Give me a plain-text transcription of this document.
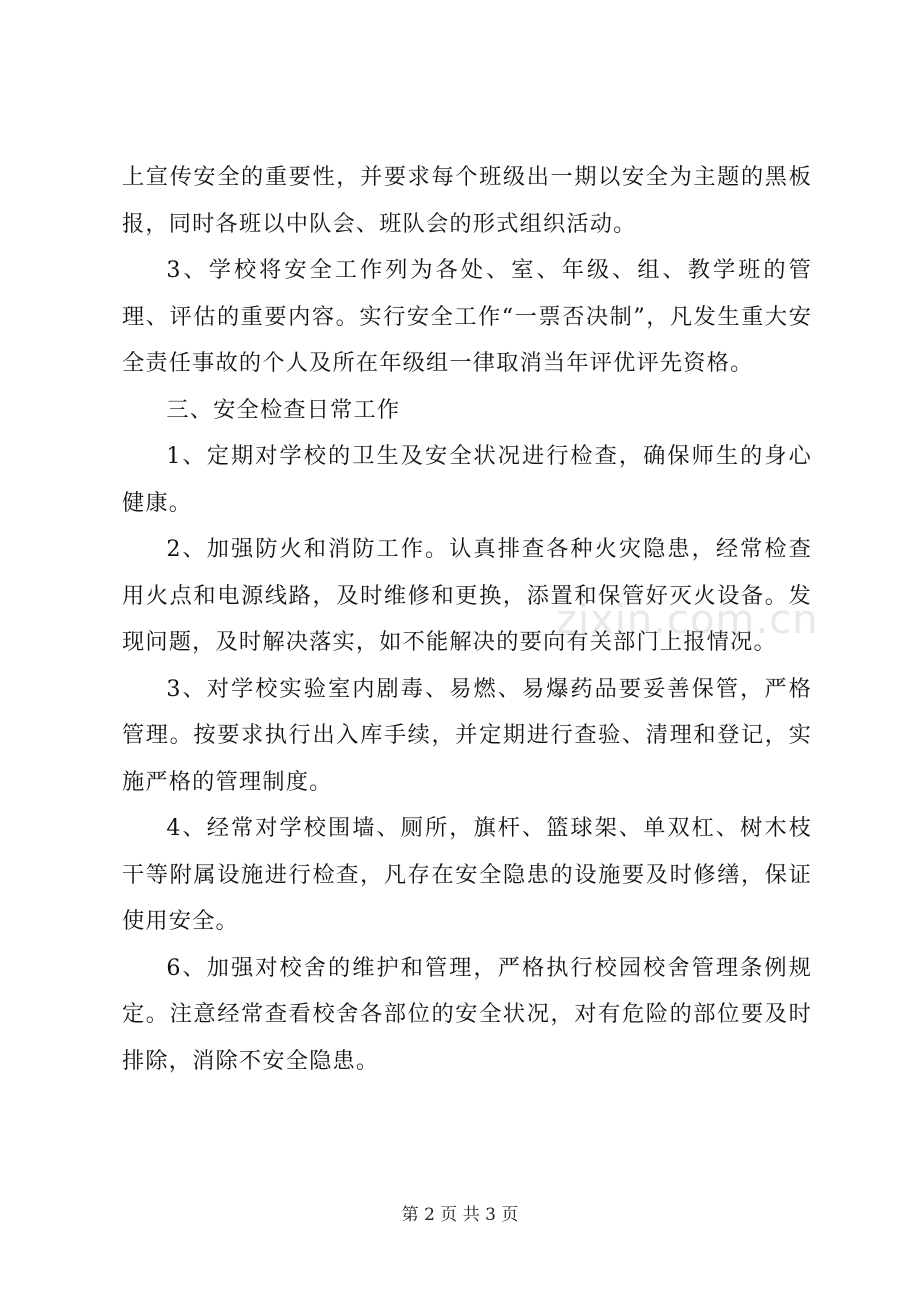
上宣传安全的重要性，并要求每个班级出一期以安全为主题的黑板报，同时各班以中队会、班队会的形式组织活动。

3、学校将安全工作列为各处、室、年级、组、教学班的管理、评估的重要内容。实行安全工作“一票否决制”，凡发生重大安全责任事故的个人及所在年级组一律取消当年评优评先资格。

三、安全检查日常工作

1、定期对学校的卫生及安全状况进行检查，确保师生的身心健康。

2、加强防火和消防工作。认真排查各种火灾隐患，经常检查用火点和电源线路，及时维修和更换，添置和保管好灭火设备。发现问题，及时解决落实，如不能解决的要向有关部门上报情况。

3、对学校实验室内剧毒、易燃、易爆药品要妥善保管，严格管理。按要求执行出入库手续，并定期进行查验、清理和登记，实施严格的管理制度。

4、经常对学校围墙、厕所，旗杆、篮球架、单双杠、树木枝干等附属设施进行检查，凡存在安全隐患的设施要及时修缮，保证使用安全。

6、加强对校舍的维护和管理，严格执行校园校舍管理条例规定。注意经常查看校舍各部位的安全状况，对有危险的部位要及时排除，消除不安全隐患。

zixin.com.cn
第 2 页 共 3 页
